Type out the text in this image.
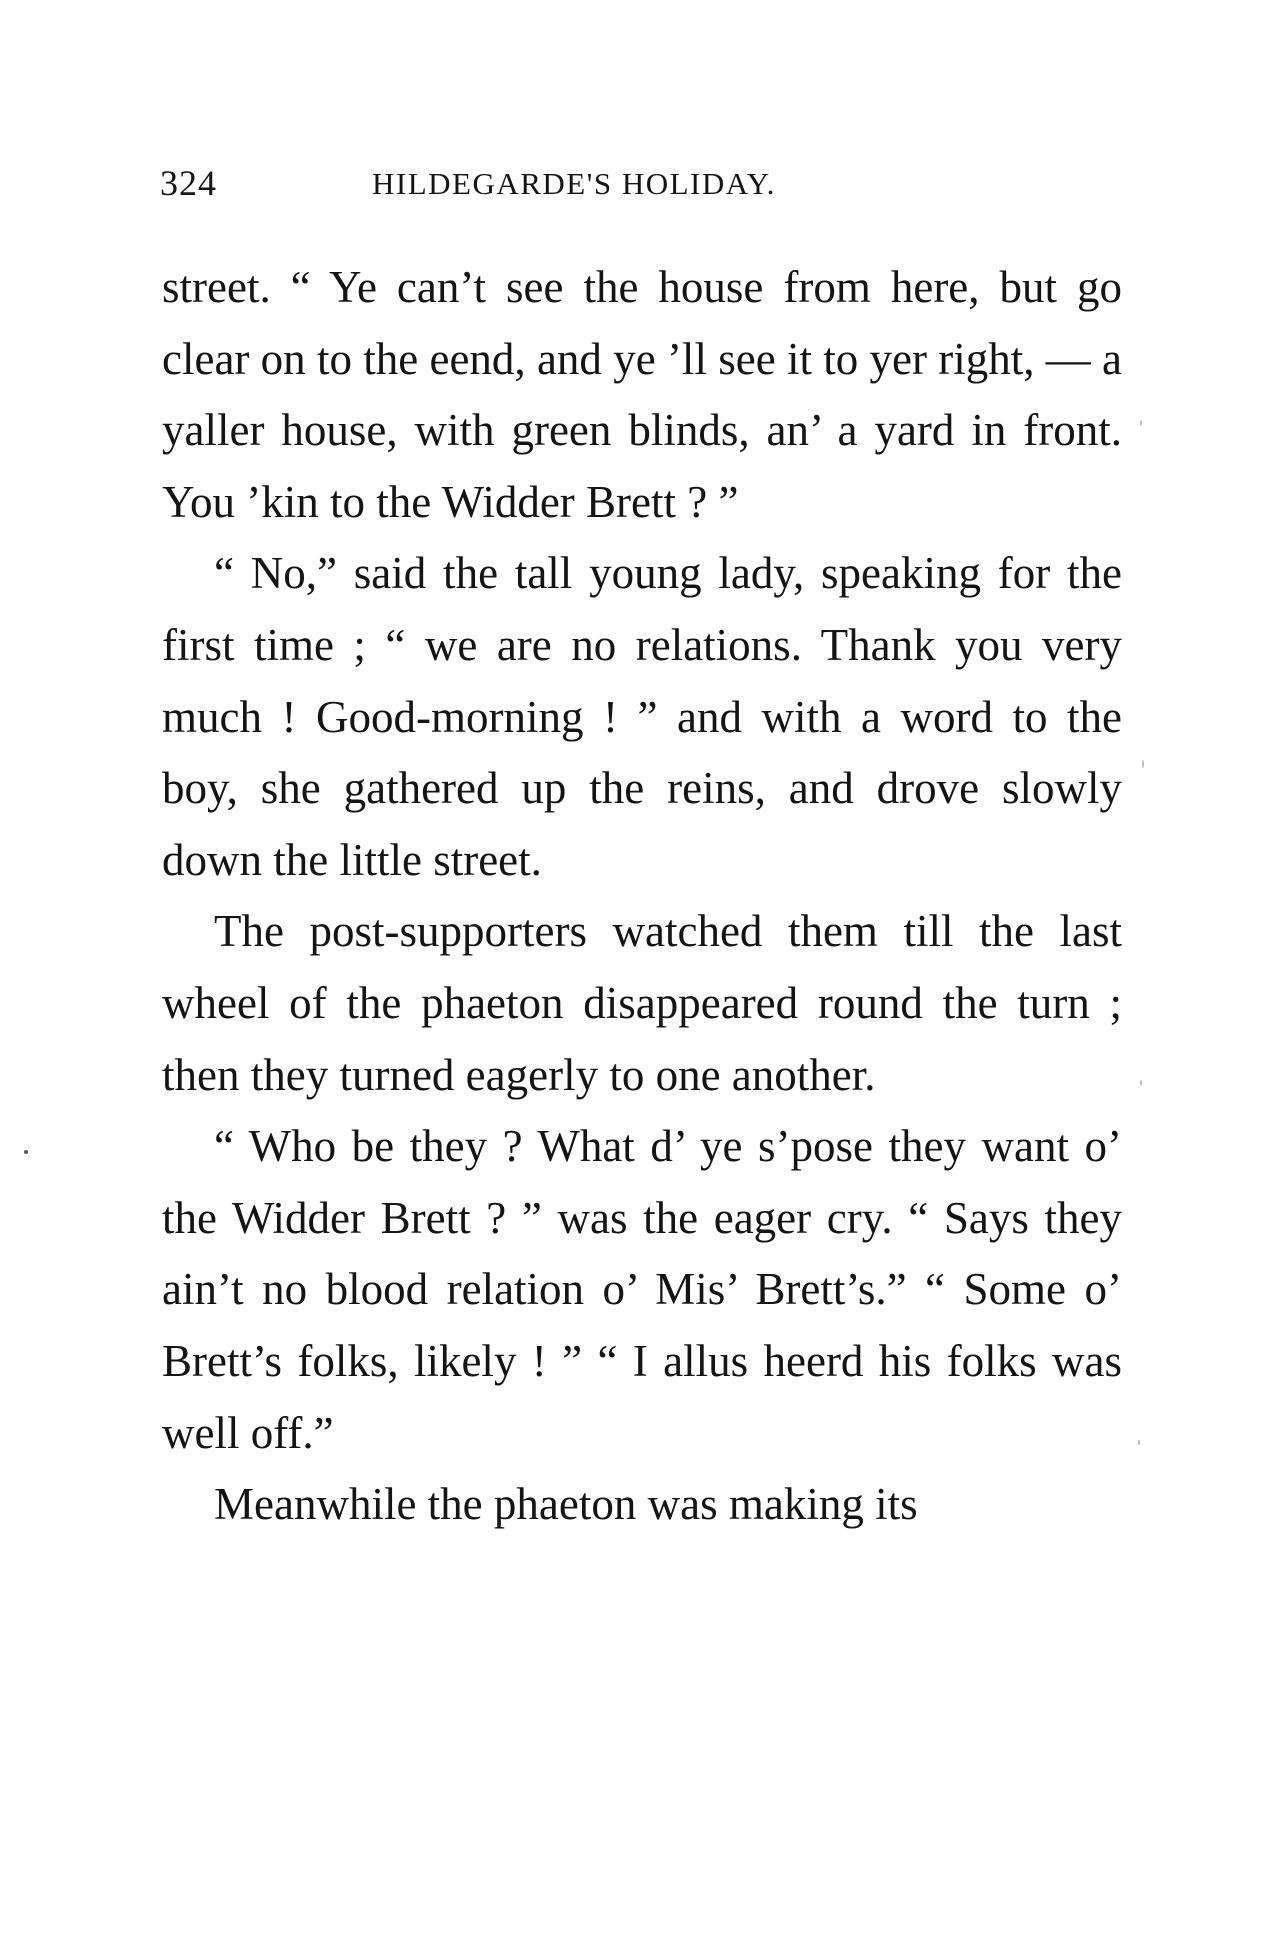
324	HILDEGARDE'S HOLIDAY.

street. “ Ye can’t see the house from here, but go clear on to the eend, and ye ’ll see it to yer right, — a yaller house, with green blinds, an’ a yard in front. You ’kin to the Widder Brett ? ”

“ No,” said the tall young lady, speaking for the first time ; “ we are no relations. Thank you very much ! Good-morning ! ” and with a word to the boy, she gathered up the reins, and drove slowly down the little street.

The post-supporters watched them till the last wheel of the phaeton disappeared round the turn ; then they turned eagerly to one another.

“ Who be they ? What d’ ye s’pose they want o’ the Widder Brett ? ” was the eager cry. “ Says they ain’t no blood relation o’ Mis’ Brett’s.” “ Some o’ Brett’s folks, likely ! ” “ I allus heerd his folks was well off.”

Meanwhile the phaeton was making its
